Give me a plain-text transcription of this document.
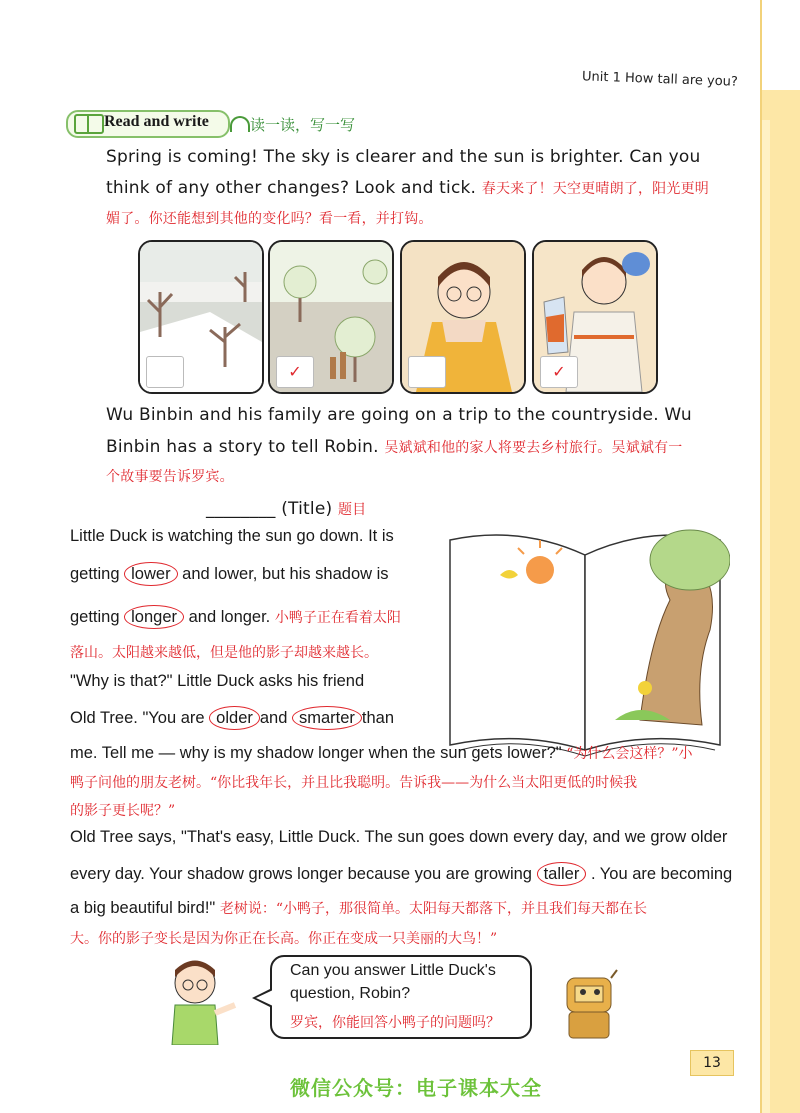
Unit 1 How tall are you?
Read and write	读一读，写一写
Spring is coming! The sky is clearer and the sun is brighter. Can you
think of any other changes? Look and tick. 春天来了！天空更晴朗了，阳光更明
媚了。你还能想到其他的变化吗？看一看，并打钩。
✓	✓
Wu Binbin and his family are going on a trip to the countryside. Wu
Binbin has a story to tell Robin. 吴斌斌和他的家人将要去乡村旅行。吴斌斌有一
个故事要告诉罗宾。
________ (Title) 题目
Little Duck is watching the sun go down. It is
getting lower and lower, but his shadow is
getting longer and longer. 小鸭子正在看着太阳
落山。太阳越来越低，但是他的影子却越来越长。
"Why is that?" Little Duck asks his friend
Old Tree. "You are older and smarter than
me. Tell me — why is my shadow longer when the sun gets lower?" “为什么会这样？”小
鸭子问他的朋友老树。“你比我年长，并且比我聪明。告诉我——为什么当太阳更低的时候我
的影子更长呢？”
Old Tree says, "That's easy, Little Duck. The sun goes down every day, and we grow older
every day. Your shadow grows longer because you are growing taller . You are becoming
a big beautiful bird!" 老树说：“小鸭子，那很简单。太阳每天都落下，并且我们每天都在长
大。你的影子变长是因为你正在长高。你正在变成一只美丽的大鸟！”
Can you answer Little Duck's
question, Robin?
罗宾，你能回答小鸭子的问题吗？
13
微信公众号：电子课本大全
